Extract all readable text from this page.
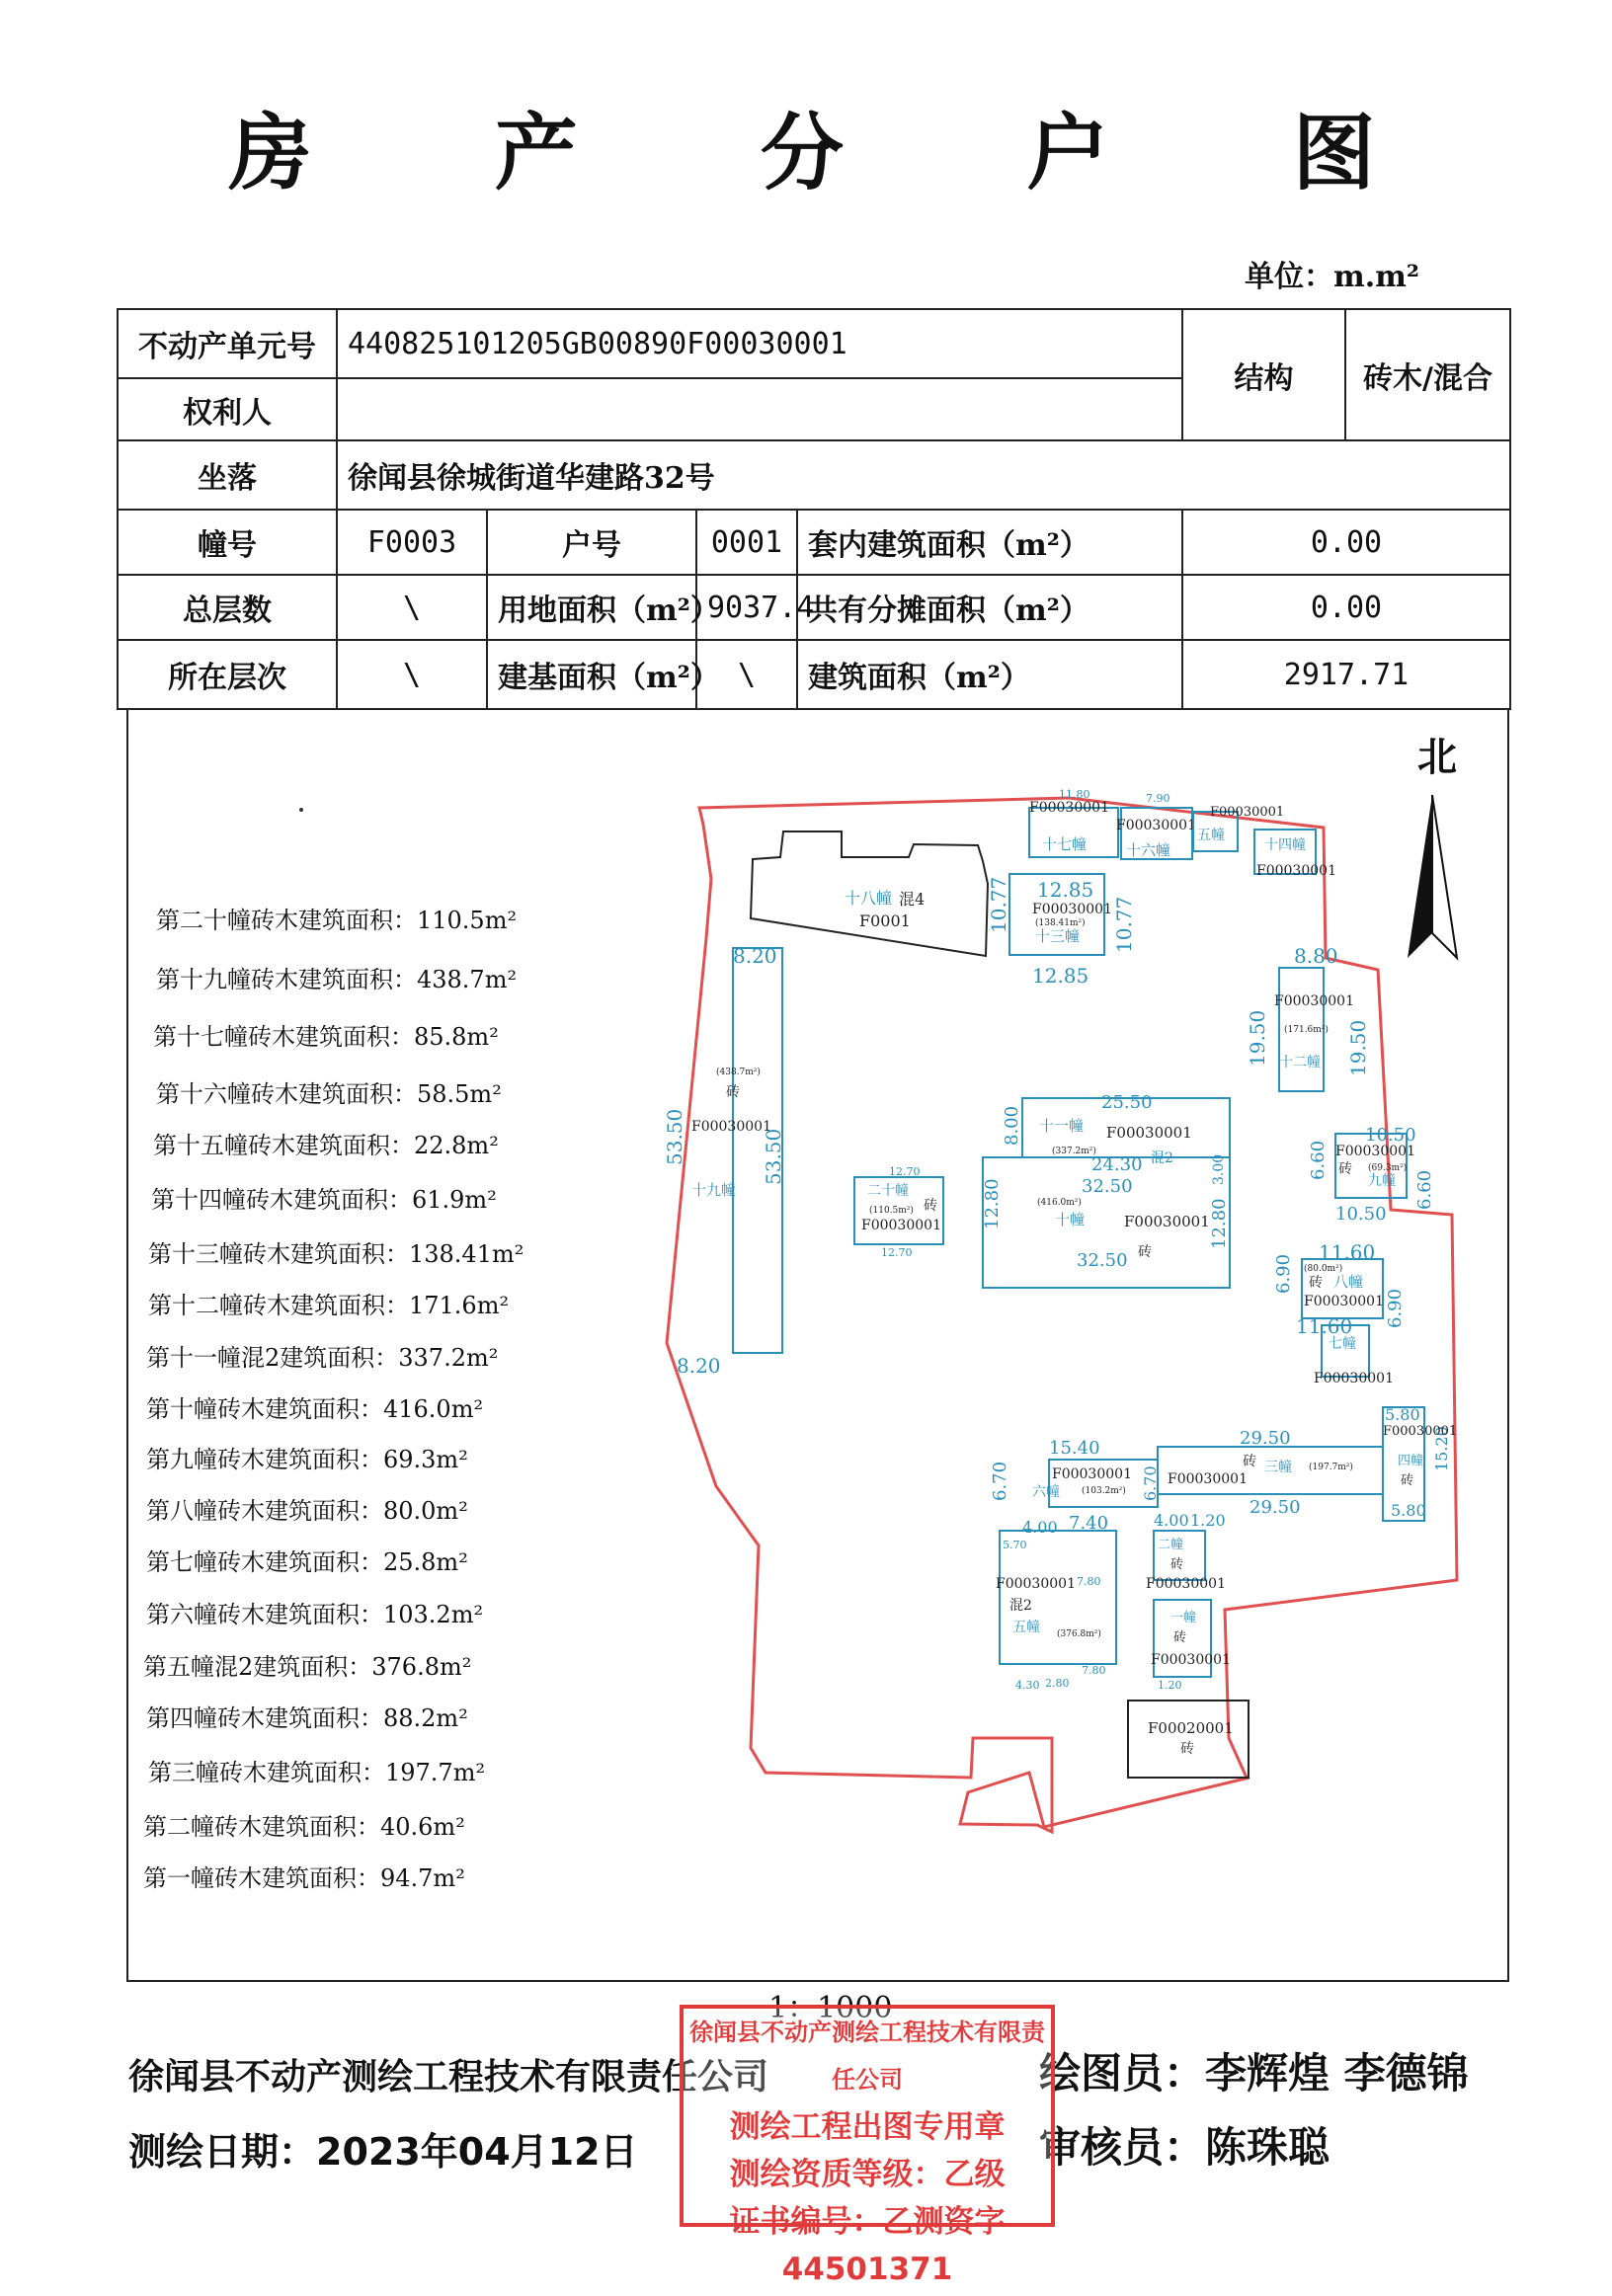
房 产 分 户 图
单位：m.m²
不动产单元号	440825101205GB00890F00030001				结构	砖木/混合
权利人						
坐落	徐闻县徐城街道华建路32号					
幢号	F0003	户号	0001	套内建筑面积（m²）	0.00	
总层数	\	用地面积（m²）	9037.4	共有分摊面积（m²）	0.00	
所在层次	\	建基面积（m²）	\	建筑面积（m²）	2917.71	
十八幢 混4
F0001
8.20
53.50	53.50
F00030001
(438.7m²)
砖
十九幢
8.20
F00030001
十七幢
11.80
F00030001
十六幢
7.90
五幢
F00030001
十四幢
F00030001
12.85
12.85
10.77	10.77
F00030001
十三幢
(138.41m²)
8.80
19.50	19.50
F00030001
十二幢
(171.6m²)
25.50
8.00
24.30
十一幢 F00030001
(337.2m²)	混2	3.00
32.50
32.50
12.80	12.80
十幢	F00030001
砖
(416.0m²)
12.70
二十幢
砖
(110.5m²)
F00030001
12.70
10.50
10.50
6.60
6.60
F00030001
砖
九幢
(69.3m²)
11.60
6.90
6.90
(80.0m²)
砖 八幢
F00030001
11.60
七幢
F00030001
15.40
6.70	F00030001
六幢 (103.2m²)
7.40
4.00
29.50
29.50
6.70 F00030001
砖 三幢 (197.7m²)
5.80
15.20
F00030001
四幢
砖
5.80
5.70
F00030001
混2
五幢 (376.8m²)
7.80
7.80
4.30 2.80
二幢
砖
F00030001
4.00 1.20
一幢
砖
F00030001
1.20
F00020001
砖
北
第二十幢砖木建筑面积：110.5m²
第十九幢砖木建筑面积：438.7m²
第十七幢砖木建筑面积：85.8m²
第十六幢砖木建筑面积：58.5m²
第十五幢砖木建筑面积：22.8m²
第十四幢砖木建筑面积：61.9m²
第十三幢砖木建筑面积：138.41m²
第十二幢砖木建筑面积：171.6m²
第十一幢混2建筑面积：337.2m²
第十幢砖木建筑面积：416.0m²
第九幢砖木建筑面积：69.3m²
第八幢砖木建筑面积：80.0m²
第七幢砖木建筑面积：25.8m²
第六幢砖木建筑面积：103.2m²
第五幢混2建筑面积：376.8m²
第四幢砖木建筑面积：88.2m²
第三幢砖木建筑面积：197.7m²
第二幢砖木建筑面积：40.6m²
第一幢砖木建筑面积：94.7m²
1：1000
徐闻县不动产测绘工程技术有限责任公司
测绘日期：2023年04月12日
绘图员：李辉煌 李德锦
审核员：陈珠聪
徐闻县不动产测绘工程技术有限责任公司
测绘工程出图专用章
测绘资质等级：乙级
证书编号：乙测资字44501371
